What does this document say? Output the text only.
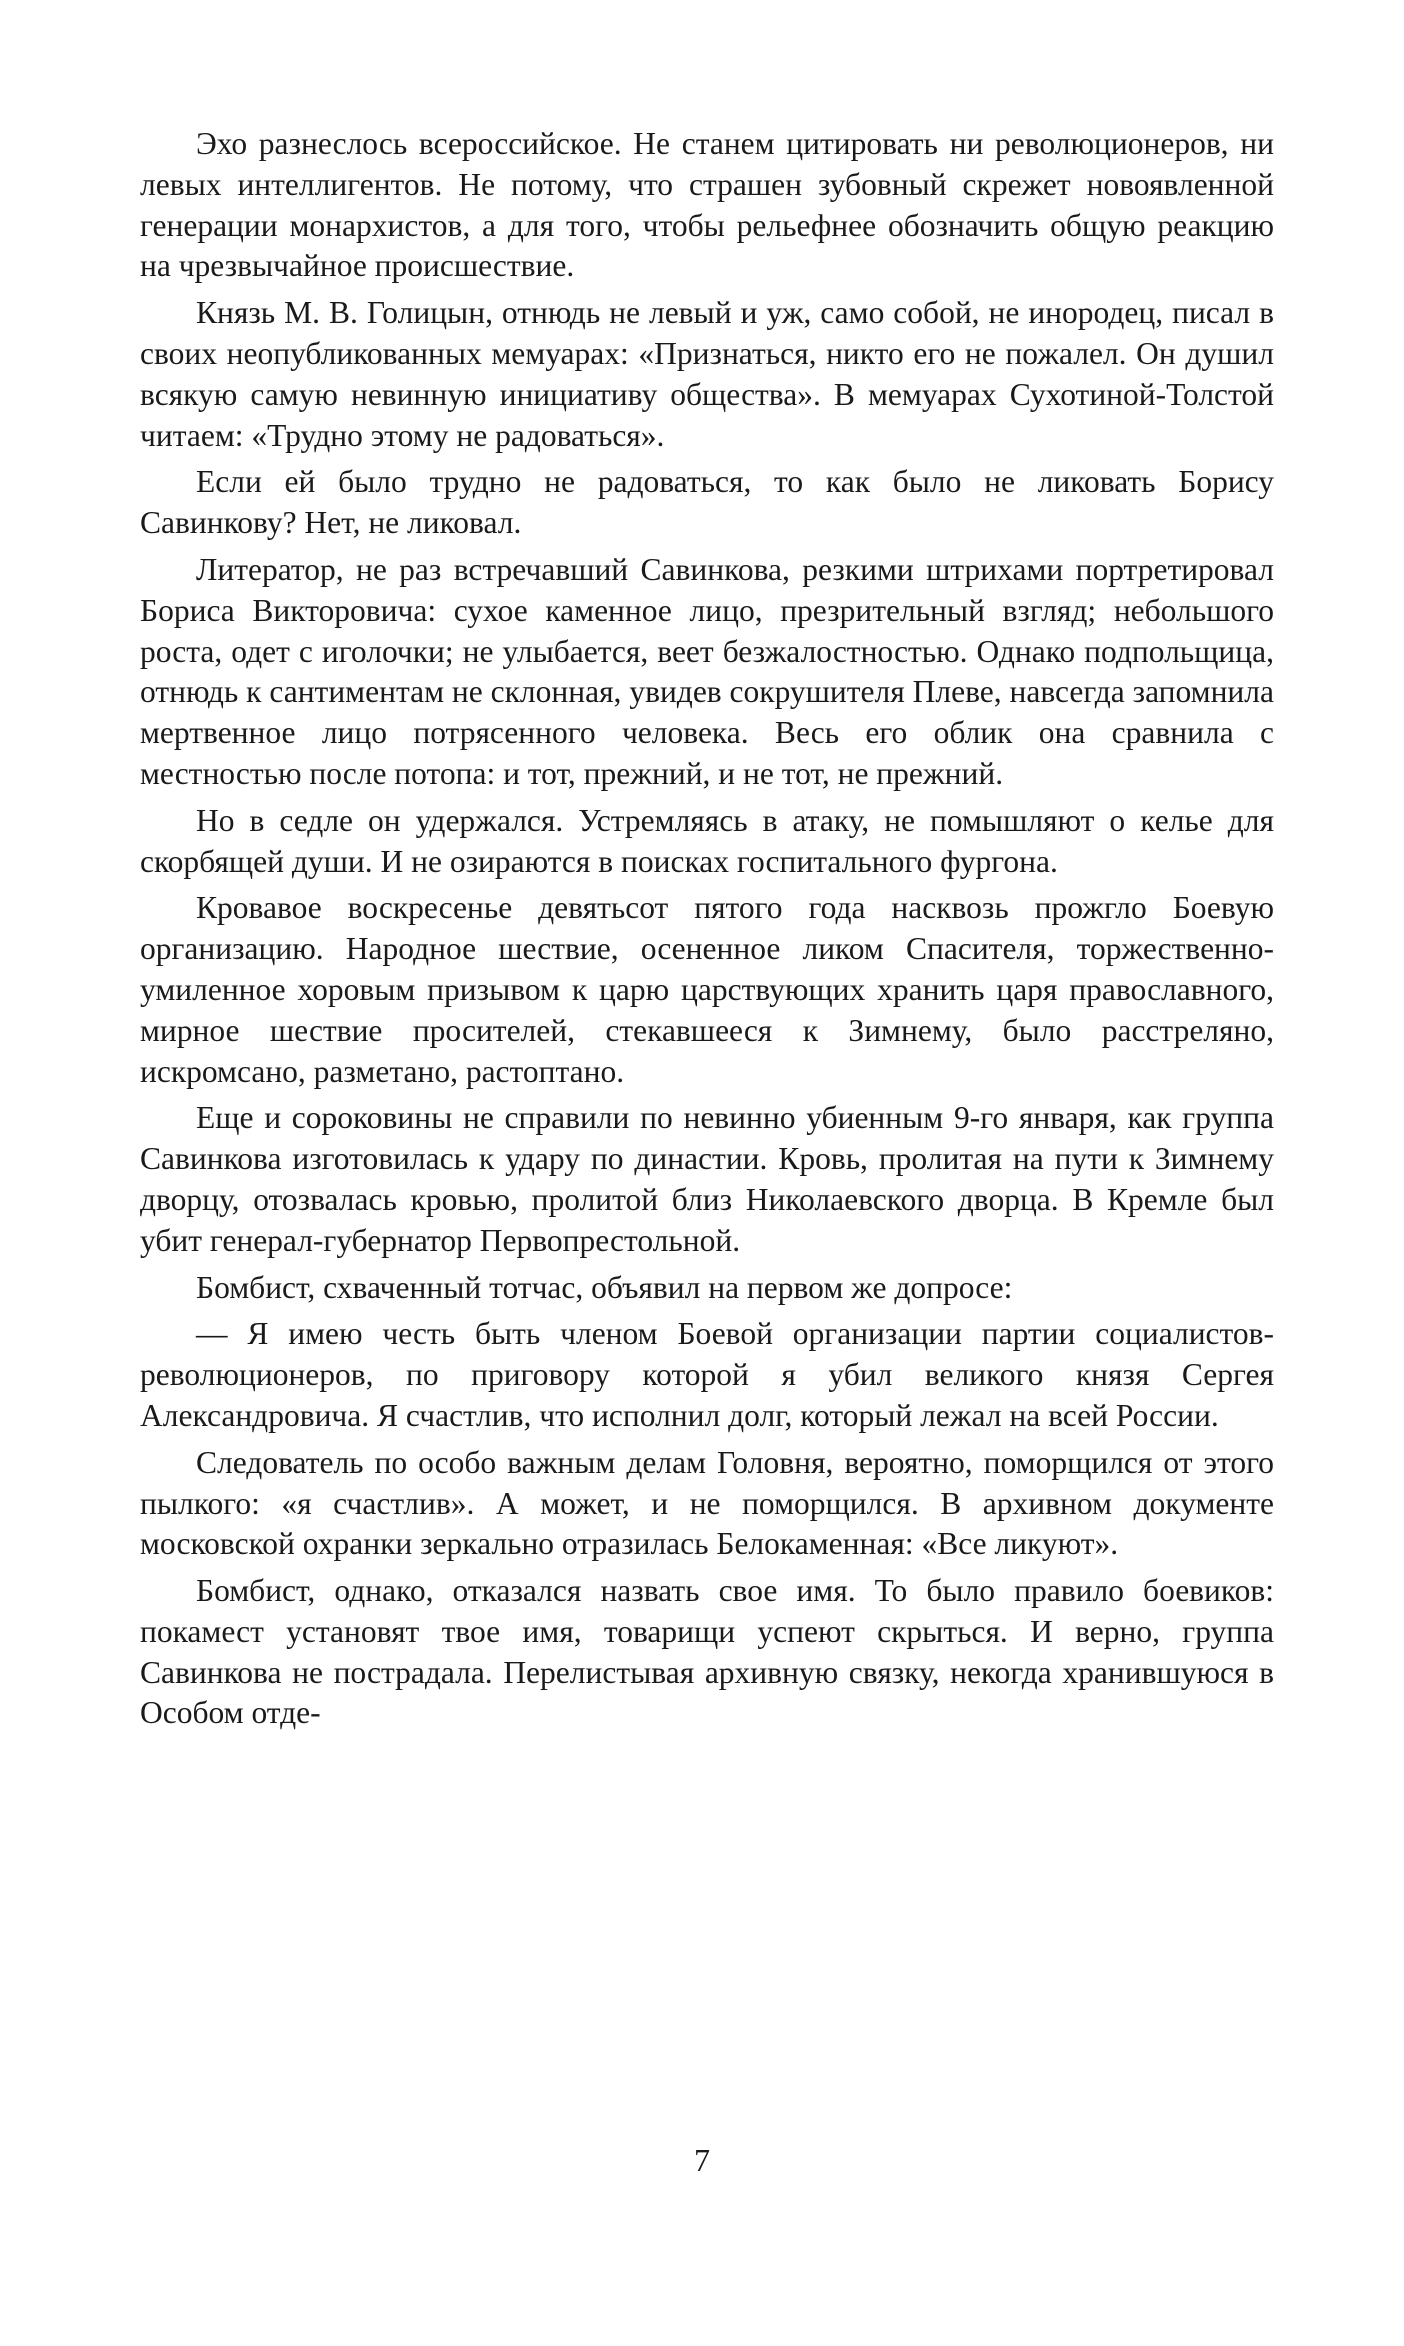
Эхо разнеслось всероссийское. Не станем цитировать ни революционеров, ни левых интеллигентов. Не потому, что страшен зубовный скрежет новоявленной генерации монархистов, а для того, чтобы рельефнее обозначить общую реакцию на чрезвычайное происшествие.

Князь М. В. Голицын, отнюдь не левый и уж, само собой, не инородец, писал в своих неопубликованных мемуарах: «Признаться, никто его не пожалел. Он душил всякую самую невинную инициативу общества». В мемуарах Сухотиной-Толстой читаем: «Трудно этому не радоваться».

Если ей было трудно не радоваться, то как было не ликовать Борису Савинкову? Нет, не ликовал.

Литератор, не раз встречавший Савинкова, резкими штрихами портретировал Бориса Викторовича: сухое каменное лицо, презрительный взгляд; небольшого роста, одет с иголочки; не улыбается, веет безжалостностью. Однако подпольщица, отнюдь к сантиментам не склонная, увидев сокрушителя Плеве, навсегда запомнила мертвенное лицо потрясенного человека. Весь его облик она сравнила с местностью после потопа: и тот, прежний, и не тот, не прежний.

Но в седле он удержался. Устремляясь в атаку, не помышляют о келье для скорбящей души. И не озираются в поисках госпитального фургона.

Кровавое воскресенье девятьсот пятого года насквозь прожгло Боевую организацию. Народное шествие, осененное ликом Спасителя, торжественно-умиленное хоровым призывом к царю царствующих хранить царя православного, мирное шествие просителей, стекавшееся к Зимнему, было расстреляно, искромсано, разметано, растоптано.

Еще и сороковины не справили по невинно убиенным 9-го января, как группа Савинкова изготовилась к удару по династии. Кровь, пролитая на пути к Зимнему дворцу, отозвалась кровью, пролитой близ Николаевского дворца. В Кремле был убит генерал-губернатор Первопрестольной.

Бомбист, схваченный тотчас, объявил на первом же допросе:

— Я имею честь быть членом Боевой организации партии социалистов-революционеров, по приговору которой я убил великого князя Сергея Александровича. Я счастлив, что исполнил долг, который лежал на всей России.

Следователь по особо важным делам Головня, вероятно, поморщился от этого пылкого: «я счастлив». А может, и не поморщился. В архивном документе московской охранки зеркально отразилась Белокаменная: «Все ликуют».

Бомбист, однако, отказался назвать свое имя. То было правило боевиков: покамест установят твое имя, товарищи успеют скрыться. И верно, группа Савинкова не пострадала. Перелистывая архивную связку, некогда хранившуюся в Особом отде-

7
